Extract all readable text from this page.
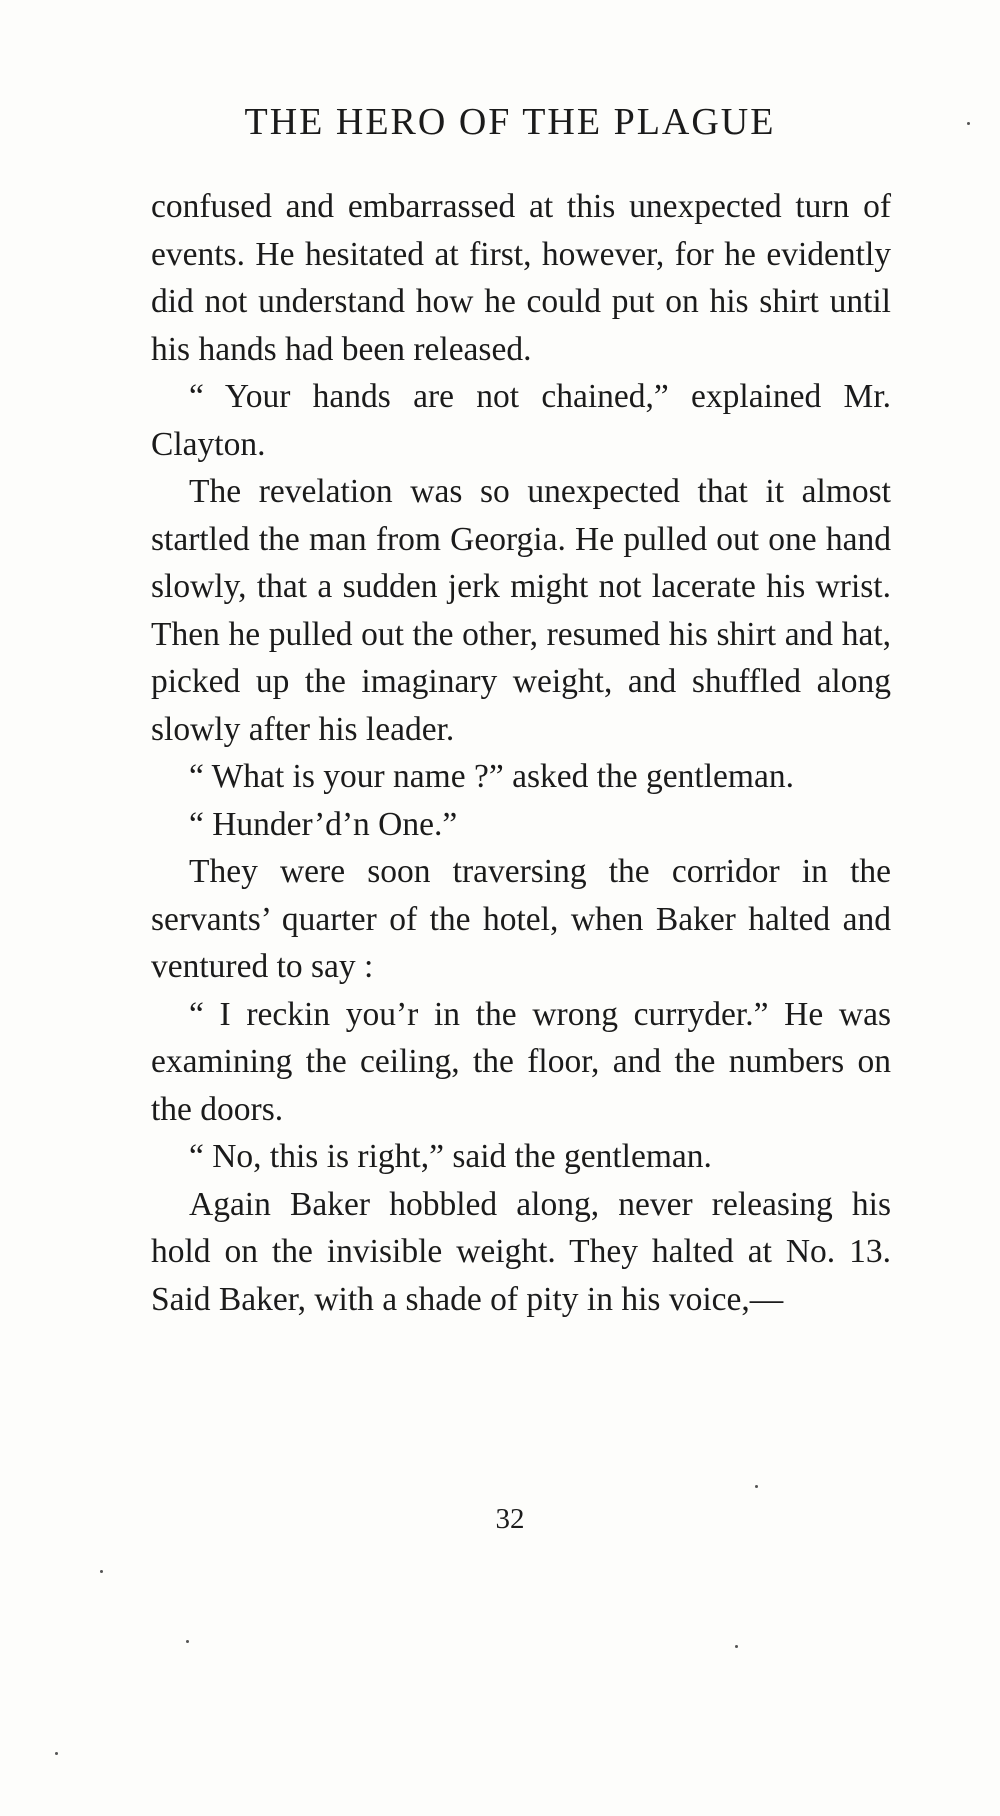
THE HERO OF THE PLAGUE

confused and embarrassed at this unexpected turn of events. He hesitated at first, however, for he evidently did not understand how he could put on his shirt until his hands had been released.

“ Your hands are not chained,” explained Mr. Clayton.

The revelation was so unexpected that it almost startled the man from Georgia. He pulled out one hand slowly, that a sudden jerk might not lacerate his wrist. Then he pulled out the other, resumed his shirt and hat, picked up the imaginary weight, and shuffled along slowly after his leader.

“ What is your name ?” asked the gentleman.

“ Hunder’d’n One.”

They were soon traversing the corridor in the servants’ quarter of the hotel, when Baker halted and ventured to say :

“ I reckin you’r in the wrong curryder.” He was examining the ceiling, the floor, and the numbers on the doors.

“ No, this is right,” said the gentleman.

Again Baker hobbled along, never releasing his hold on the invisible weight. They halted at No. 13. Said Baker, with a shade of pity in his voice,—

32
